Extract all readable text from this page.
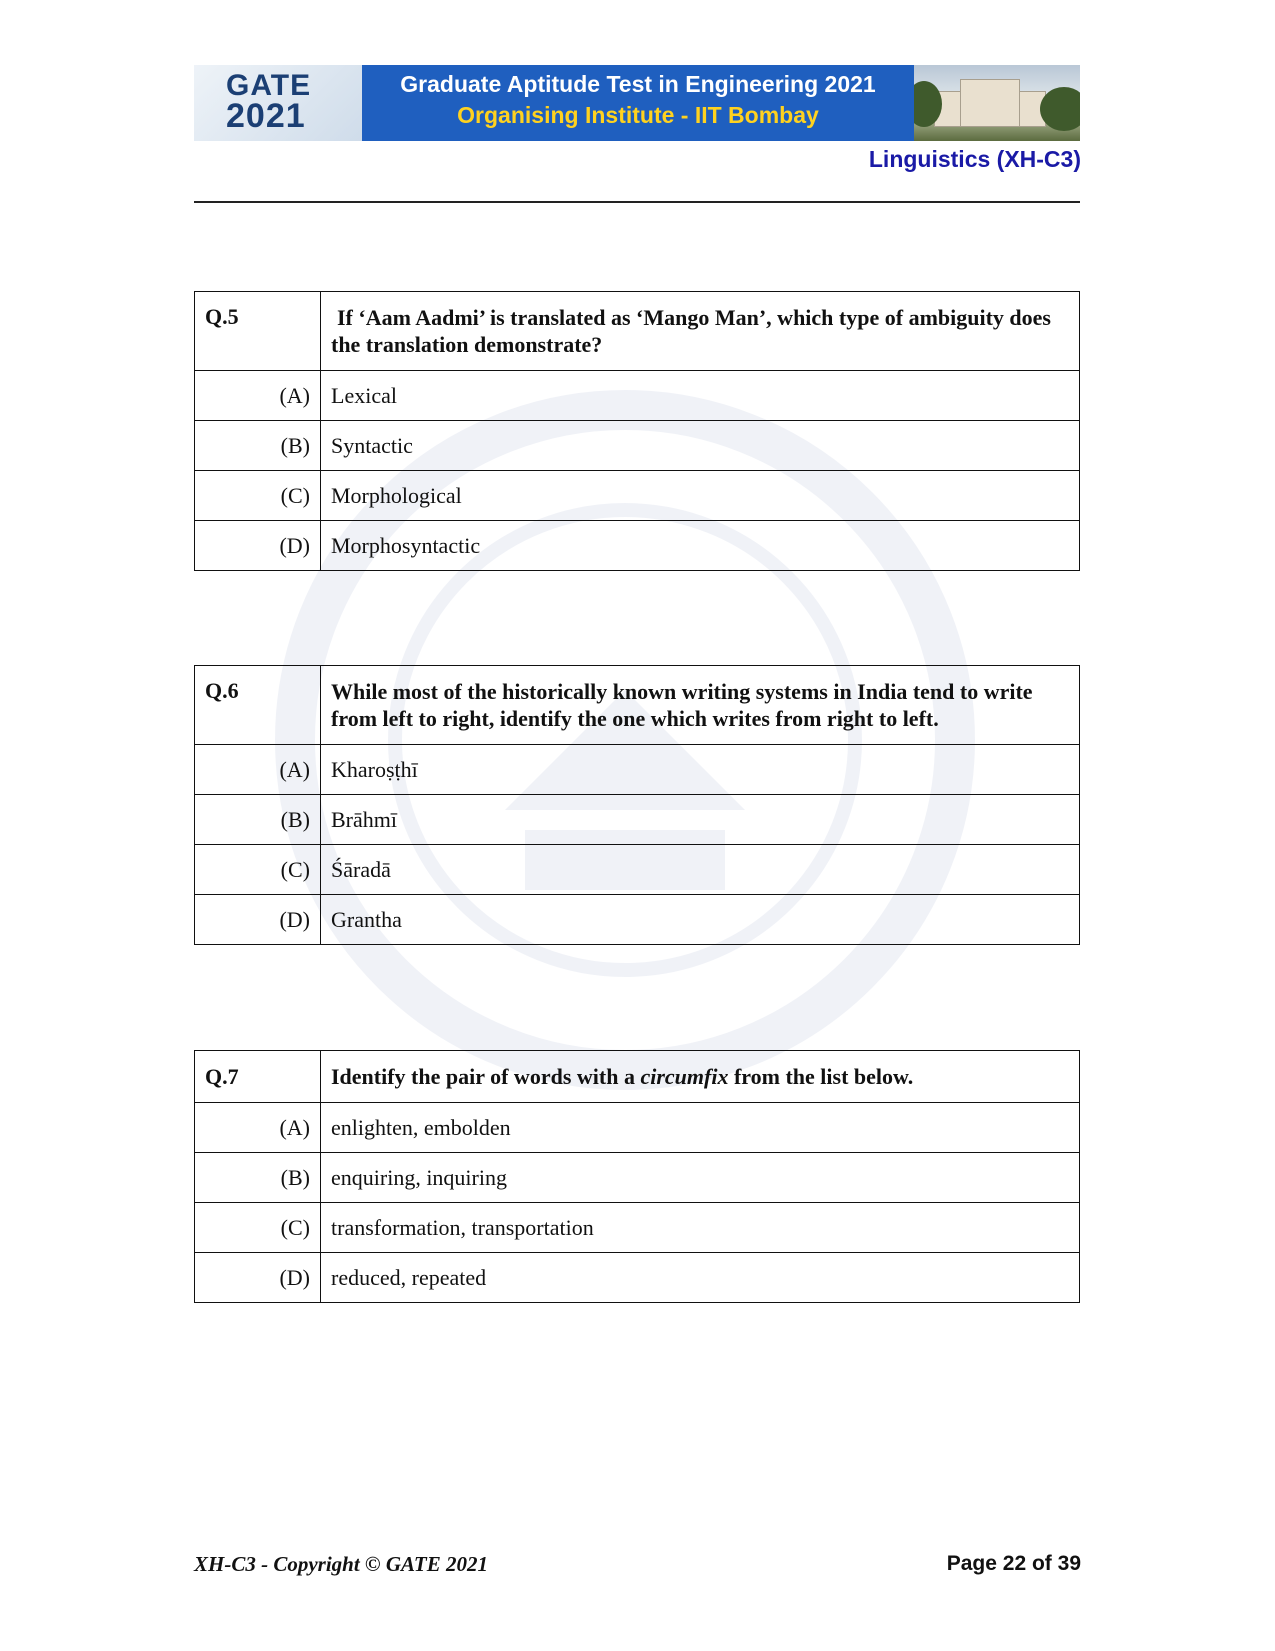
GATE
2021
Graduate Aptitude Test in Engineering 2021
Organising Institute - IIT Bombay
Linguistics (XH-C3)
Q.5	If ‘Aam Aadmi’ is translated as ‘Mango Man’, which type of ambiguity does the translation demonstrate?
(A)	Lexical
(B)	Syntactic
(C)	Morphological
(D)	Morphosyntactic
Q.6	While most of the historically known writing systems in India tend to write from left to right, identify the one which writes from right to left.
(A)	Kharoṣṭhī
(B)	Brāhmī
(C)	Śāradā
(D)	Grantha
Q.7	Identify the pair of words with a circumfix from the list below.
(A)	enlighten, embolden
(B)	enquiring, inquiring
(C)	transformation, transportation
(D)	reduced, repeated
XH-C3 - Copyright © GATE 2021	Page 22 of 39
